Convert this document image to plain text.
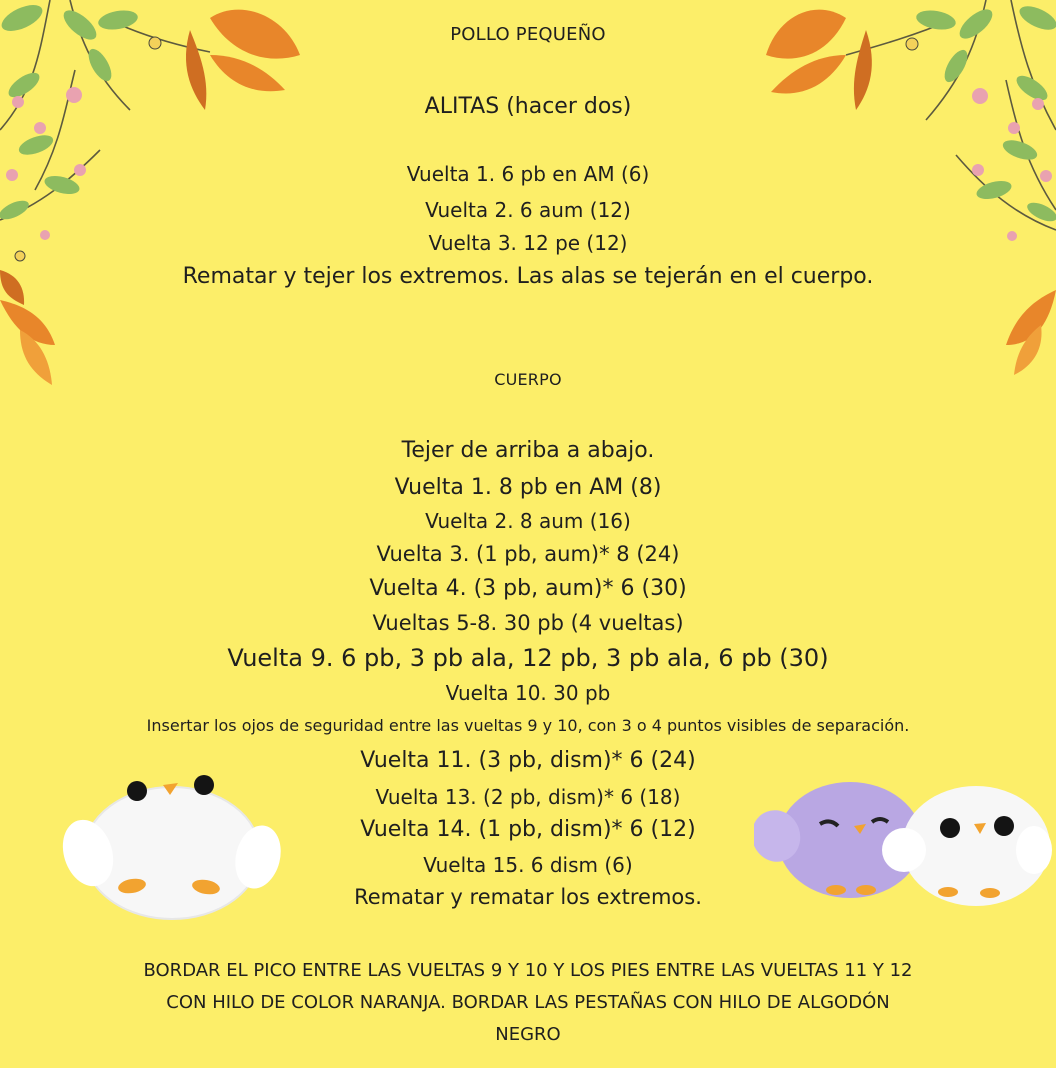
POLLO PEQUEÑO
ALITAS (hacer dos)
Vuelta 1. 6 pb en AM (6)
Vuelta 2. 6 aum (12)
Vuelta 3. 12 pe (12)
Rematar y tejer los extremos. Las alas se tejerán en el cuerpo.
CUERPO
Tejer de arriba a abajo.
Vuelta 1. 8 pb en AM (8)
Vuelta 2. 8 aum (16)
Vuelta 3. (1 pb, aum)* 8 (24)
Vuelta 4. (3 pb, aum)* 6 (30)
Vueltas 5-8. 30 pb (4 vueltas)
Vuelta 9. 6 pb, 3 pb ala, 12 pb, 3 pb ala, 6 pb (30)
Vuelta 10. 30 pb
Insertar los ojos de seguridad entre las vueltas 9 y 10, con 3 o 4 puntos visibles de separación.
Vuelta 11. (3 pb, dism)* 6 (24)
Vuelta 13. (2 pb, dism)* 6 (18)
Vuelta 14. (1 pb, dism)* 6 (12)
Vuelta 15. 6 dism (6)
Rematar y rematar los extremos.
BORDAR EL PICO ENTRE LAS VUELTAS 9 Y 10 Y LOS PIES ENTRE LAS VUELTAS 11 Y 12
CON HILO DE COLOR NARANJA. BORDAR LAS PESTAÑAS CON HILO DE ALGODÓN
NEGRO
